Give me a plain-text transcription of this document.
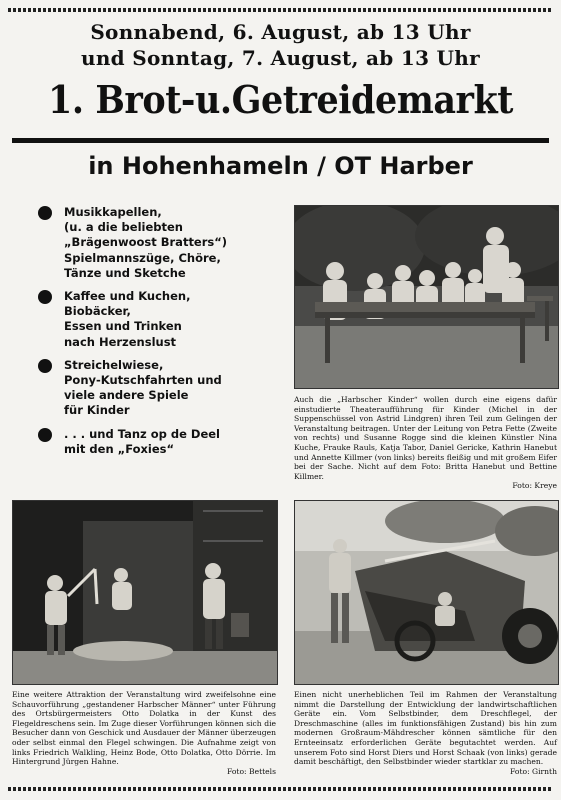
Sonnabend, 6. August, ab 13 Uhr
und Sonntag, 7. August, ab 13 Uhr
1. Brot-u.Getreidemarkt
in Hohenhameln / OT Harber
Musikkapellen,
(u. a die beliebten
„Brägenwoost Bratters“)
Spielmannszüge, Chöre,
Tänze und Sketche
Kaffee und Kuchen,
Biobäcker,
Essen und Trinken
nach Herzenslust
Streichelwiese,
Pony-Kutschfahrten und
viele andere Spiele
für Kinder
. . . und Tanz op de Deel
mit den „Foxies“
Auch die „Harbscher Kinder“ wollen durch eine eigens dafür einstudierte Theateraufführung für Kinder (Michel in der Suppenschüssel von Astrid Lindgren) ihren Teil zum Gelingen der Veranstaltung beitragen. Unter der Leitung von Petra Fette (Zweite von rechts) und Susanne Rogge sind die kleinen Künstler Nina Kuche, Frauke Rauls, Katja Tabor, Daniel Gericke, Kathrin Hanebut und Annette Killmer (von links) bereits fleißig und mit großem Eifer bei der Sache. Nicht auf dem Foto: Britta Hanebut und Bettine Killmer.
Foto: Kreye
Eine weitere Attraktion der Veranstaltung wird zweifelsohne eine Schauvorführung „gestandener Harbscher Männer“ unter Führung des Ortsbürgermeisters Otto Dolatka in der Kunst des Flegeldreschens sein. Im Zuge dieser Vorführungen können sich die Besucher dann von Geschick und Ausdauer der Männer überzeugen oder selbst einmal den Flegel schwingen. Die Aufnahme zeigt von links Friedrich Walkling, Heinz Bode, Otto Dolatka, Otto Dörrie. Im Hintergrund Jürgen Hahne.
Foto: Bettels
Einen nicht unerheblichen Teil im Rahmen der Veranstaltung nimmt die Darstellung der Entwicklung der landwirtschaftlichen Geräte ein. Vom Selbstbinder, dem Dreschflegel, der Dreschmaschine (alles im funktionsfähigen Zustand) bis hin zum modernen Großraum-Mähdrescher können sämtliche für den Ernteeinsatz erforderlichen Geräte begutachtet werden. Auf unserem Foto sind Horst Diers und Horst Schaak (von links) gerade damit beschäftigt, den Selbstbinder wieder startklar zu machen.
Foto: Girnth
